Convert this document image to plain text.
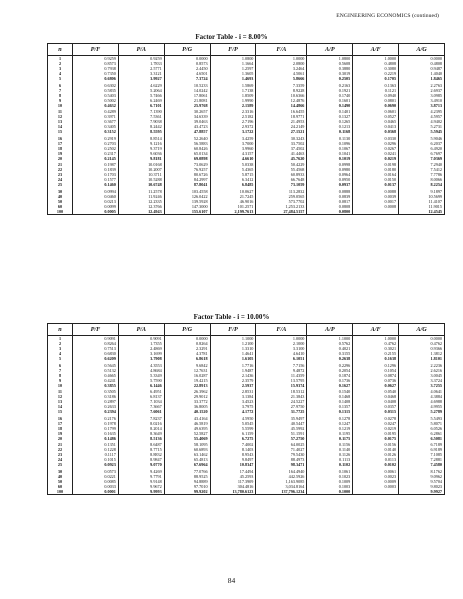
ENGINEERING ECONOMICS (continued)
Factor Table - i = 8.00%
n	P/F	P/A	P/G	F/P	F/A	A/P	A/F	A/G
1	0.9259	0.9259	0.0000	1.0800	1.0000	1.0800	1.0000	0.0000
2	0.8573	1.7833	0.8573	1.1664	2.0800	0.5608	0.4808	0.4808
3	0.7938	2.5771	2.4450	1.2597	3.2464	0.3880	0.3080	0.9487
4	0.7350	3.3121	4.6501	1.3605	4.5061	0.3019	0.2219	1.4040
5	0.6806	3.9927	7.3724	1.4693	5.8666	0.2505	0.1705	1.8465
6	0.6302	4.6229	10.5233	1.5869	7.3359	0.2163	0.1363	2.2763
7	0.5835	5.2064	14.0242	1.7138	8.9228	0.1921	0.1121	2.6937
8	0.5403	5.7466	17.8061	1.8509	10.6366	0.1740	0.0940	3.0985
9	0.5002	6.2469	21.8081	1.9990	12.4876	0.1601	0.0801	3.4910
10	0.4632	6.7101	25.9768	2.1589	14.4866	0.1490	0.0690	3.8713
11	0.4289	7.1390	30.2657	2.3316	16.6455	0.1401	0.0601	4.2395
12	0.3971	7.5361	34.6339	2.5182	18.9771	0.1327	0.0527	4.5957
13	0.3677	7.9038	39.0463	2.7196	21.4953	0.1265	0.0465	4.9402
14	0.3405	8.2442	43.4723	2.9372	24.2149	0.1213	0.0413	5.2731
15	0.3152	8.5595	47.8857	3.1722	27.1521	0.1168	0.0368	5.5945
16	0.2919	8.8514	52.2640	3.4259	30.3243	0.1130	0.0330	5.9046
17	0.2703	9.1216	56.5883	3.7000	33.7502	0.1096	0.0296	6.2037
18	0.2502	9.3719	60.8426	3.9960	37.4502	0.1067	0.0267	6.4920
19	0.2317	9.6036	65.0134	4.3157	41.4463	0.1041	0.0241	6.7697
20	0.2145	9.8181	69.0898	4.6610	45.7620	0.1019	0.0219	7.0369
21	0.1987	10.0168	73.0629	5.0338	50.4229	0.0998	0.0198	7.2940
22	0.1839	10.2007	76.9257	5.4365	55.4568	0.0980	0.0180	7.5412
23	0.1703	10.3711	80.6726	5.8715	60.8933	0.0964	0.0164	7.7786
24	0.1577	10.5288	84.2997	6.3412	66.7648	0.0950	0.0150	8.0066
25	0.1460	10.6748	87.8041	6.8485	73.1059	0.0937	0.0137	8.2254
30	0.0994	11.2578	103.4558	10.0627	113.2832	0.0888	0.0088	9.1897
40	0.0460	11.9246	126.0422	21.7245	259.0565	0.0839	0.0039	10.5699
50	0.0213	12.2335	139.5928	46.9016	573.7702	0.0817	0.0017	11.4107
60	0.0099	12.3766	147.3000	101.2571	1,253.2133	0.0808	0.0008	11.9015
100	0.0005	12.4943	155.6107	2,199.7613	27,484.5157	0.0800		12.4545
Factor Table - i = 10.00%
n	P/F	P/A	P/G	F/P	F/A	A/P	A/F	A/G
1	0.9091	0.9091	0.0000	1.1000	1.0000	1.1000	1.0000	0.0000
2	0.8264	1.7355	0.8264	1.2100	2.1000	0.5762	0.4762	0.4762
3	0.7513	2.4869	2.3291	1.3310	3.3100	0.4021	0.3021	0.9366
4	0.6830	3.1699	4.3781	1.4641	4.6410	0.3155	0.2155	1.3812
5	0.6209	3.7908	6.8618	1.6105	6.1051	0.2638	0.1638	1.8101
6	0.5645	4.3553	9.6842	1.7716	7.7156	0.2296	0.1296	2.2236
7	0.5132	4.8684	12.7631	1.9487	9.4872	0.2054	0.1054	2.6216
8	0.4665	5.3349	16.0287	2.1436	11.4359	0.1874	0.0874	3.0045
9	0.4241	5.7590	19.4215	2.3579	13.5795	0.1736	0.0736	3.3724
10	0.3855	6.1446	22.8913	2.5937	15.9374	0.1627	0.0627	3.7255
11	0.3505	6.4951	26.3962	2.8531	18.5312	0.1540	0.0540	4.0641
12	0.3186	6.8137	29.9012	3.1384	21.3843	0.1468	0.0468	4.3884
13	0.2897	7.1034	33.3772	3.4523	24.5227	0.1408	0.0408	4.6988
14	0.2633	7.3667	36.8005	3.7975	27.9750	0.1357	0.0357	4.9955
15	0.2394	7.6061	40.1520	4.1772	31.7725	0.1315	0.0315	5.2789
16	0.2176	7.8237	43.4164	4.5950	35.9497	0.1278	0.0278	5.5493
17	0.1978	8.0216	46.5819	5.0545	40.5447	0.1247	0.0247	5.8071
18	0.1799	8.2014	49.6395	5.5599	45.5992	0.1219	0.0219	6.0526
19	0.1635	8.3649	52.5827	6.1159	51.1591	0.1195	0.0195	6.2861
20	0.1486	8.5136	55.4069	6.7275	57.2750	0.1175	0.0175	6.5081
21	0.1351	8.6487	58.1095	7.4002	64.0025	0.1156	0.0156	6.7189
22	0.1228	8.7715	60.6893	8.1403	71.4027	0.1140	0.0140	6.9189
23	0.1117	8.8832	63.1462	8.9543	79.5430	0.1126	0.0126	7.1085
24	0.1015	8.9847	65.4813	9.8497	88.4973	0.1113	0.0113	7.2881
25	0.0923	9.0770	67.6964	10.8347	98.3471	0.1102	0.0102	7.4580
30	0.0573	9.4269	77.0766	17.4494	164.4940	0.1061	0.0061	8.1762
40	0.0221	9.7791	88.9525	45.2593	442.5926	0.1023	0.0023	9.0962
50	0.0085	9.9148	94.8889	117.3909	1,163.9085	0.1009	0.0009	9.5704
60	0.0033	9.9672	97.7010	304.4816	3,034.8164	0.1003	0.0003	9.8023
100	0.0001	9.9993	99.9202	13,780.6123	137,796.1234	0.1000		9.9927
84
